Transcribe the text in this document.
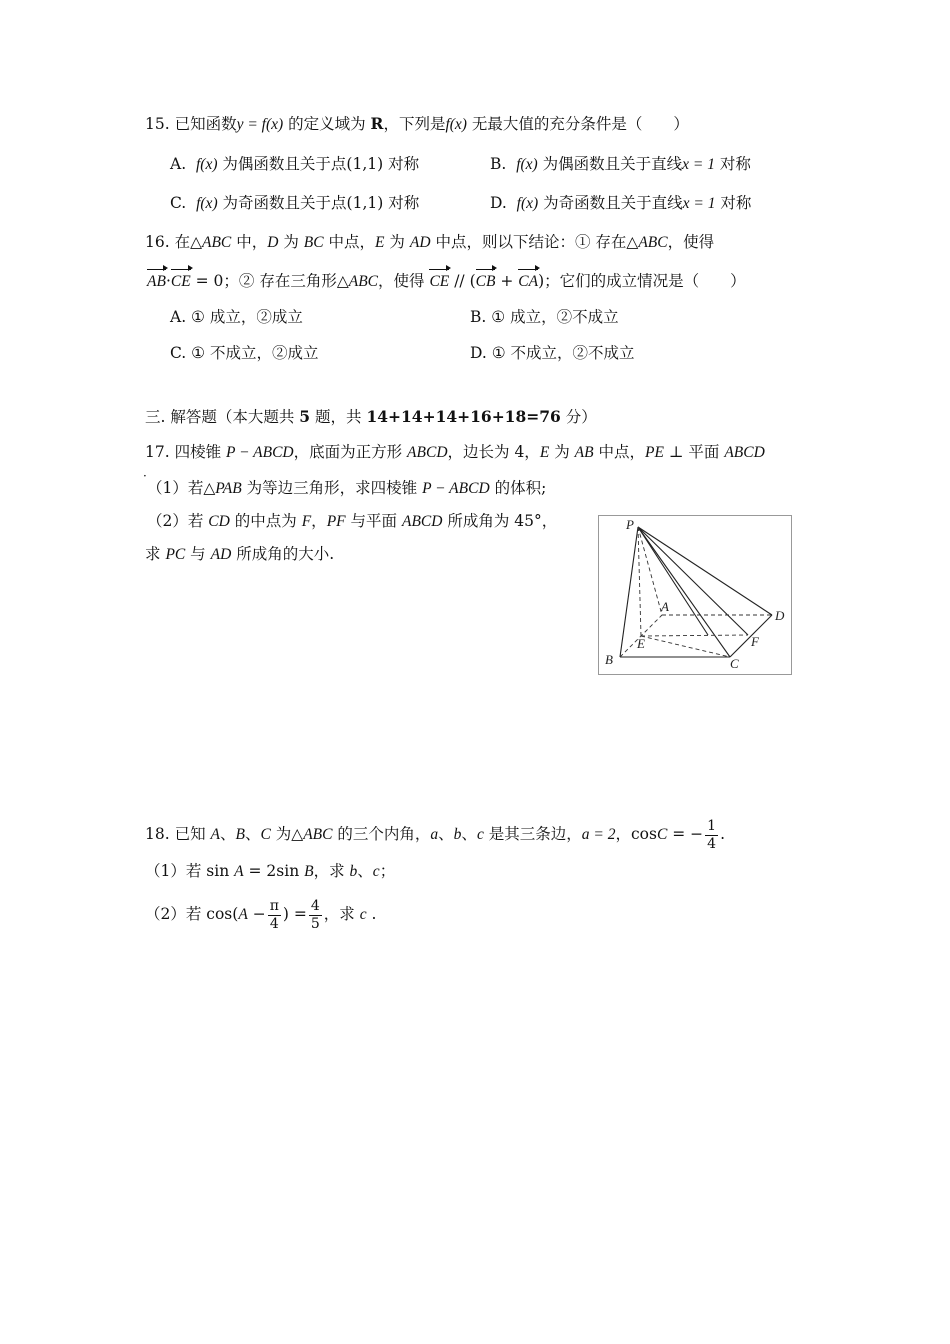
15. 已知函数y = f(x) 的定义域为 R，下列是f(x) 无最大值的充分条件是（　　）
A. f(x) 为偶函数且关于点(1,1) 对称	B. f(x) 为偶函数且关于直线x = 1 对称
C. f(x) 为奇函数且关于点(1,1) 对称	D. f(x) 为奇函数且关于直线x = 1 对称
16. 在△ABC 中，D 为 BC 中点，E 为 AD 中点，则以下结论：① 存在△ABC，使得
AB·CE = 0；② 存在三角形△ABC，使得 CE // (CB + CA)；它们的成立情况是（　　）
A. ① 成立，②成立	B. ① 成立，②不成立
C. ① 不成立，②成立	D. ① 不成立，②不成立
三. 解答题（本大题共 5 题，共 14+14+14+16+18=76 分）
17. 四棱锥 P − ABCD，底面为正方形 ABCD，边长为 4，E 为 AB 中点，PE ⊥ 平面 ABCD
·
（1）若△PAB 为等边三角形，求四棱锥 P − ABCD 的体积;
（2）若 CD 的中点为 F，PF 与平面 ABCD 所成角为 45°，
求 PC 与 AD 所成角的大小.
P
A
D
E	F
B	C
18. 已知 A、B、C 为△ABC 的三个内角，a、b、c 是其三条边，a = 2，cosC = − $\frac{1}{4}$ .
（1）若 sin A = 2sin B，求 b、c；
（2）若 $\cos(A - \frac{\pi}{4}$ ) = $\frac{4}{5}$ ，求 c .
